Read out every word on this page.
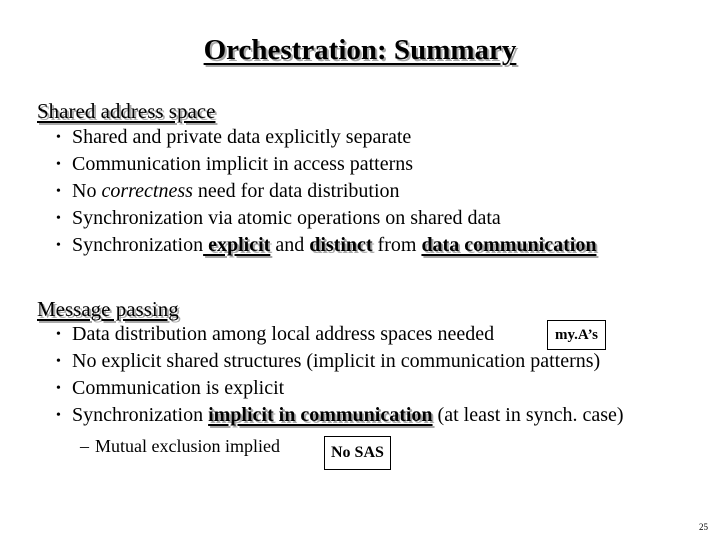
Orchestration: Summary
Shared address space
• Shared and private data explicitly separate
• Communication implicit in access patterns
• No correctness need for data distribution
• Synchronization via atomic operations on shared data
• Synchronization explicit and distinct from data communication
Message passing
• Data distribution among local address spaces needed
• No explicit shared structures (implicit in communication patterns)
• Communication is explicit
• Synchronization implicit in communication (at least in synch. case)
– Mutual exclusion implied
my.A’s
No SAS
25
